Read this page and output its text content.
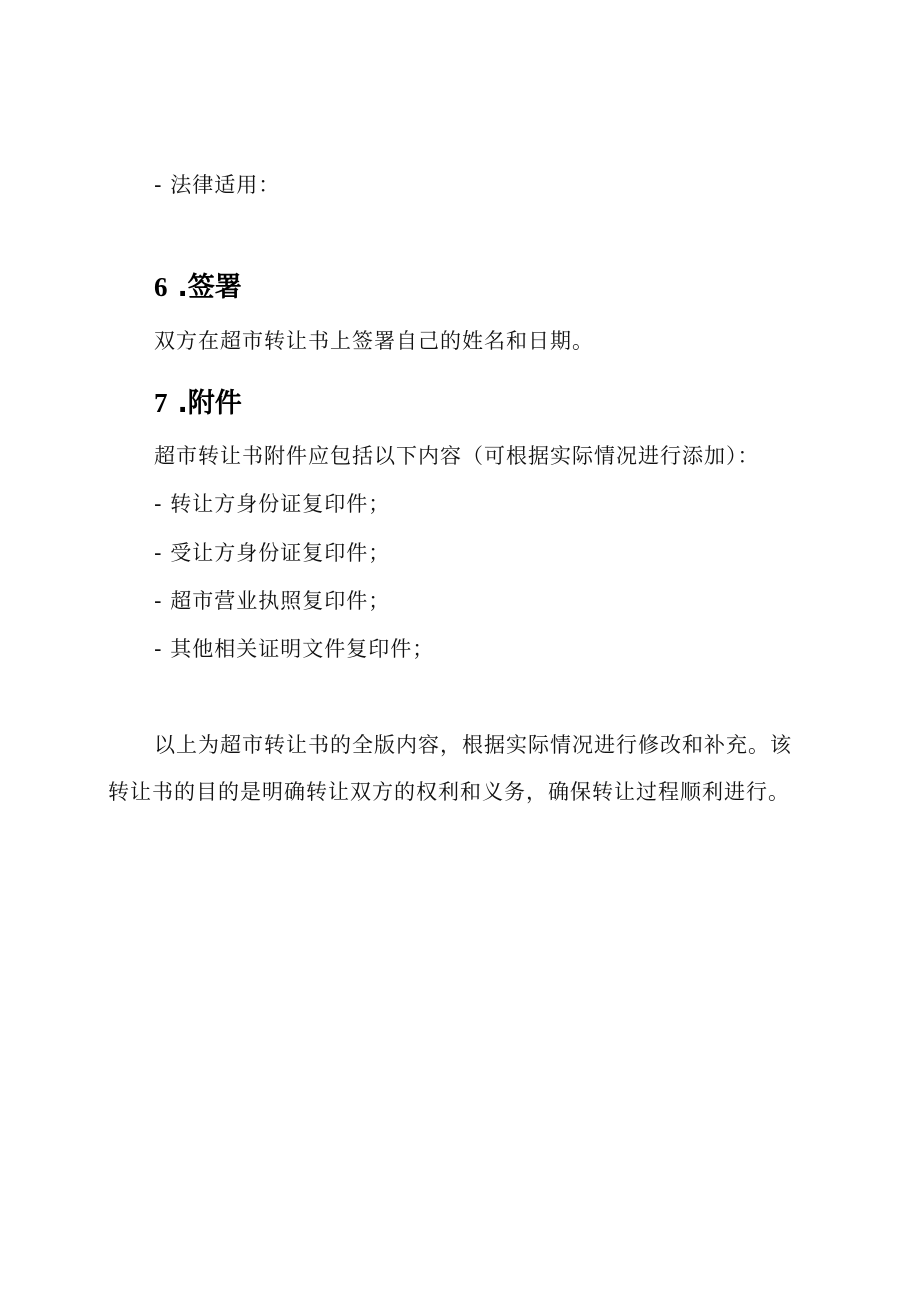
- 法律适用：
6 .签署
双方在超市转让书上签署自己的姓名和日期。
7 .附件
超市转让书附件应包括以下内容（可根据实际情况进行添加）：
- 转让方身份证复印件；
- 受让方身份证复印件；
- 超市营业执照复印件；
- 其他相关证明文件复印件；
以上为超市转让书的全版内容，根据实际情况进行修改和补充。该转让书的目的是明确转让双方的权利和义务，确保转让过程顺利进行。
